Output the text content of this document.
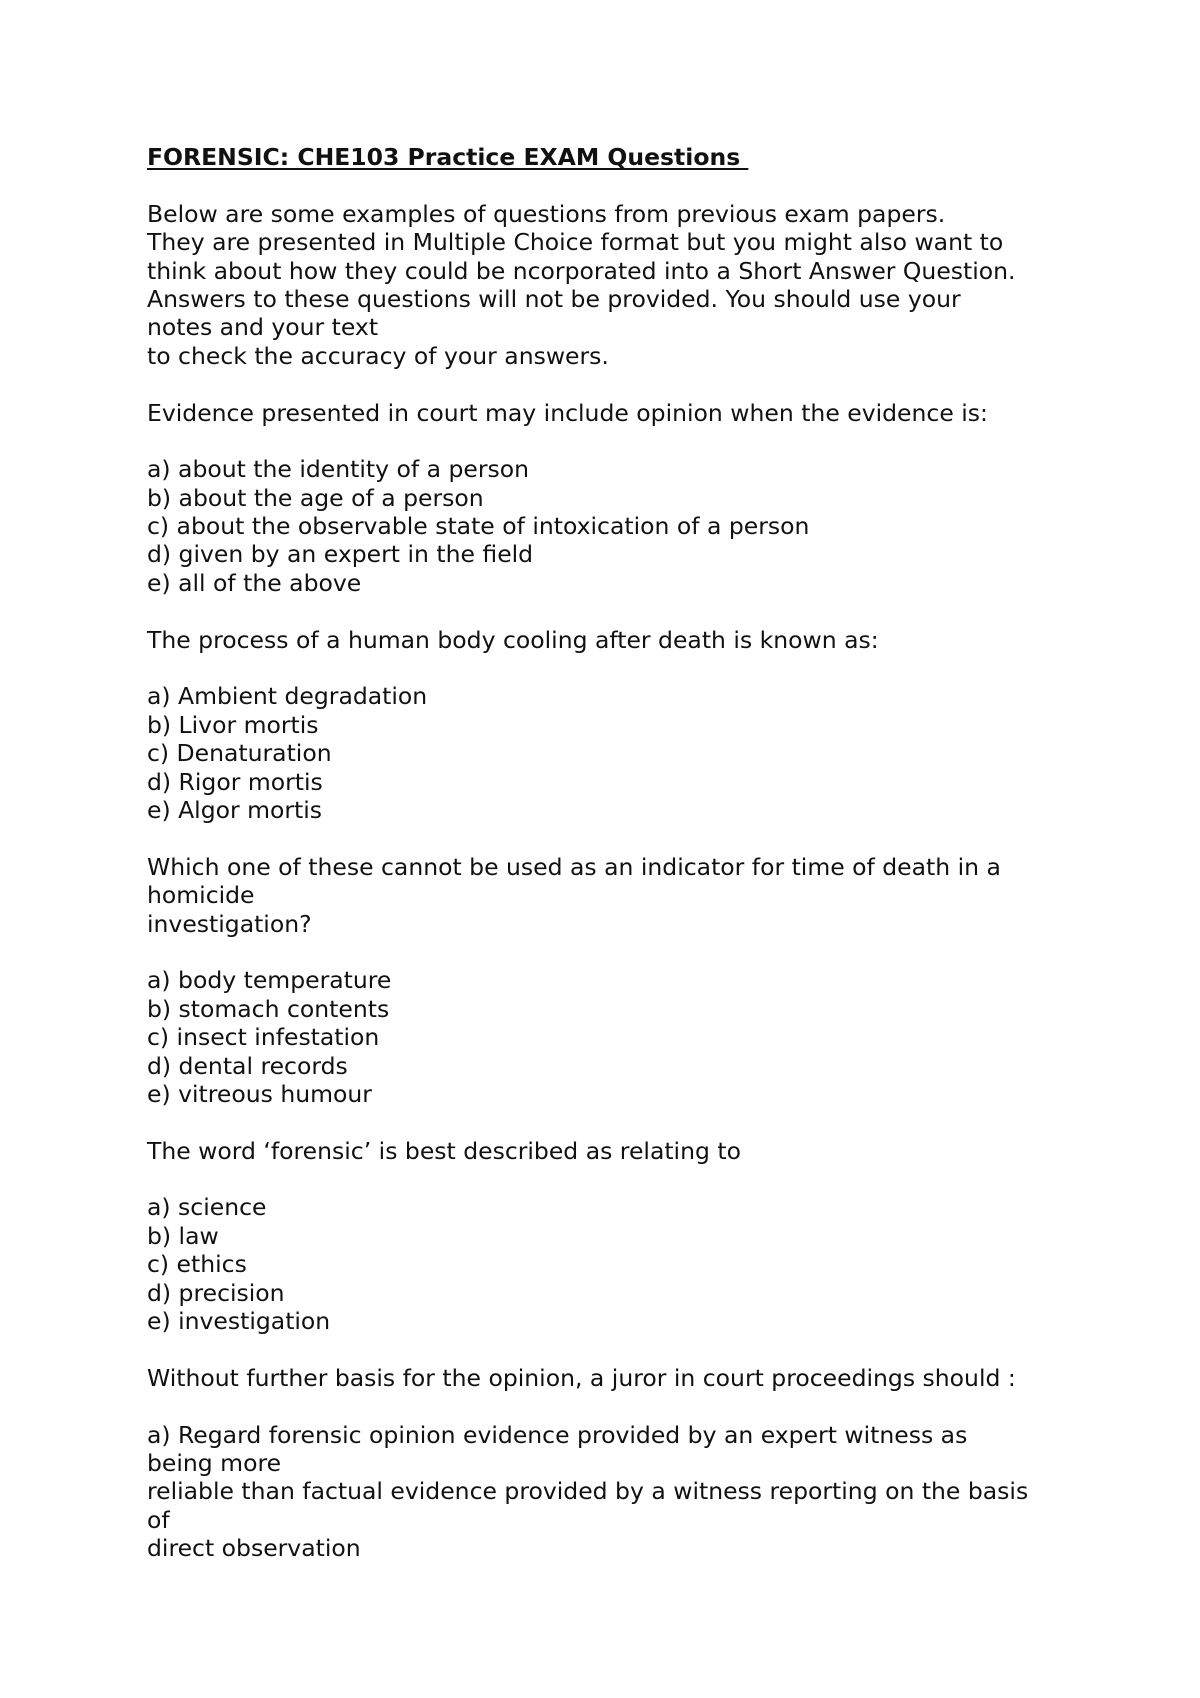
FORENSIC: CHE103 Practice EXAM Questions
Below are some examples of questions from previous exam papers.
They are presented in Multiple Choice format but you might also want to
think about how they could be ncorporated into a Short Answer Question.
Answers to these questions will not be provided. You should use your
notes and your text
to check the accuracy of your answers.
Evidence presented in court may include opinion when the evidence is:
a) about the identity of a person
b) about the age of a person
c) about the observable state of intoxication of a person
d) given by an expert in the field
e) all of the above
The process of a human body cooling after death is known as:
a) Ambient degradation
b) Livor mortis
c) Denaturation
d) Rigor mortis
e) Algor mortis
Which one of these cannot be used as an indicator for time of death in a
homicide
investigation?
a) body temperature
b) stomach contents
c) insect infestation
d) dental records
e) vitreous humour
The word ‘forensic’ is best described as relating to
a) science
b) law
c) ethics
d) precision
e) investigation
Without further basis for the opinion, a juror in court proceedings should :
a) Regard forensic opinion evidence provided by an expert witness as
being more
reliable than factual evidence provided by a witness reporting on the basis
of
direct observation
